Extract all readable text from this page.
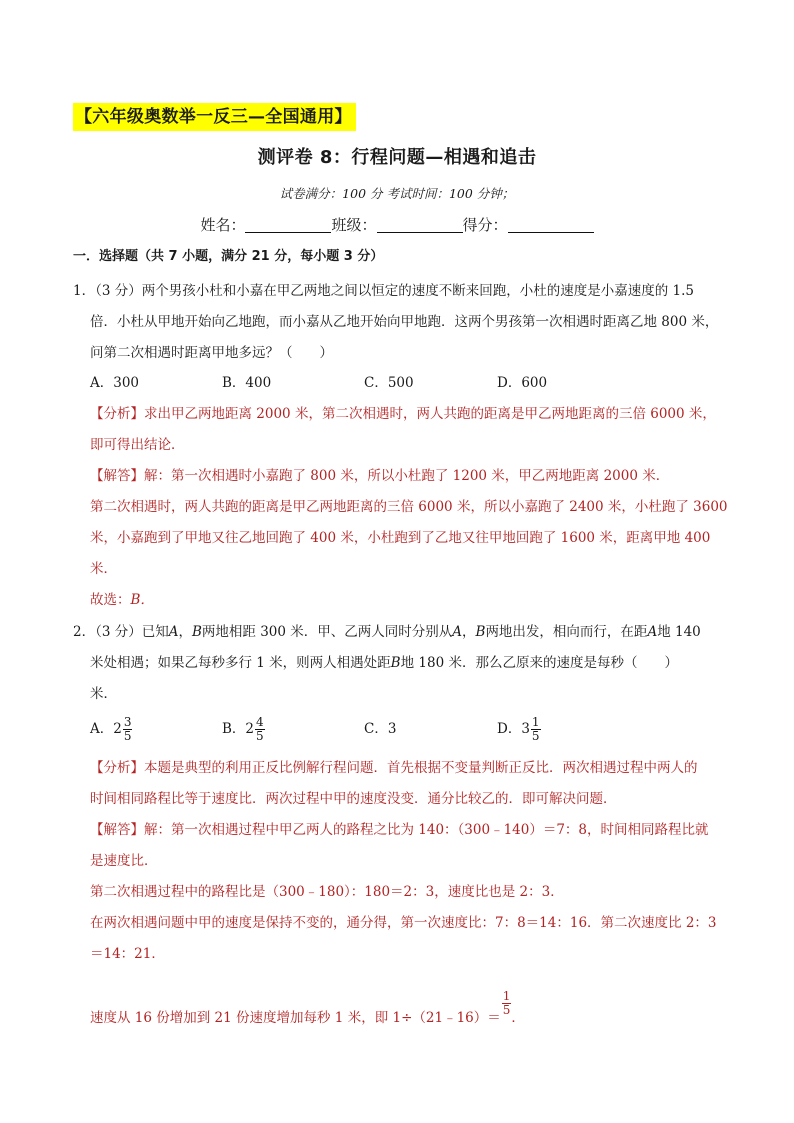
【六年级奥数举一反三—全国通用】
测评卷 8：行程问题—相遇和追击
试卷满分：100 分 考试时间：100 分钟；
姓名：	班级：	得分：
一．选择题（共 7 小题，满分 21 分，每小题 3 分）
1．（3 分）两个男孩小杜和小嘉在甲乙两地之间以恒定的速度不断来回跑，小杜的速度是小嘉速度的 1.5
倍．小杜从甲地开始向乙地跑，而小嘉从乙地开始向甲地跑．这两个男孩第一次相遇时距离乙地 800 米，
问第二次相遇时距离甲地多远？（　　）
A．300	B．400	C．500	D．600
【分析】求出甲乙两地距离 2000 米，第二次相遇时，两人共跑的距离是甲乙两地距离的三倍 6000 米，
即可得出结论．
【解答】解：第一次相遇时小嘉跑了 800 米，所以小杜跑了 1200 米，甲乙两地距离 2000 米．
第二次相遇时，两人共跑的距离是甲乙两地距离的三倍 6000 米，所以小嘉跑了 2400 米，小杜跑了 3600
米，小嘉跑到了甲地又往乙地回跑了 400 米，小杜跑到了乙地又往甲地回跑了 1600 米，距离甲地 400
米．
故选：B．
2．（3 分）已知A，B两地相距 300 米．甲、乙两人同时分别从A，B两地出发，相向而行，在距A地 140
米处相遇；如果乙每秒多行 1 米，则两人相遇处距B地 180 米．那么乙原来的速度是每秒（　　）
米．
A．$2 \frac{3}{5}$	B．$2 \frac{4}{5}$	C．3	D．$3 \frac{1}{5}$
【分析】本题是典型的利用正反比例解行程问题．首先根据不变量判断正反比．两次相遇过程中两人的
时间相同路程比等于速度比．两次过程中甲的速度没变．通分比较乙的．即可解决问题．
【解答】解：第一次相遇过程中甲乙两人的路程之比为 140：（300﹣140）＝7：8，时间相同路程比就
是速度比．
第二次相遇过程中的路程比是（300﹣180）：180＝2：3，速度比也是 2：3．
在两次相遇问题中甲的速度是保持不变的，通分得，第一次速度比：7：8＝14：16．第二次速度比 2：3
＝14：21．
速度从 16 份增加到 21 份速度增加每秒 1 米，即 1÷（21﹣16）＝
$\frac{1}{5}$
．
